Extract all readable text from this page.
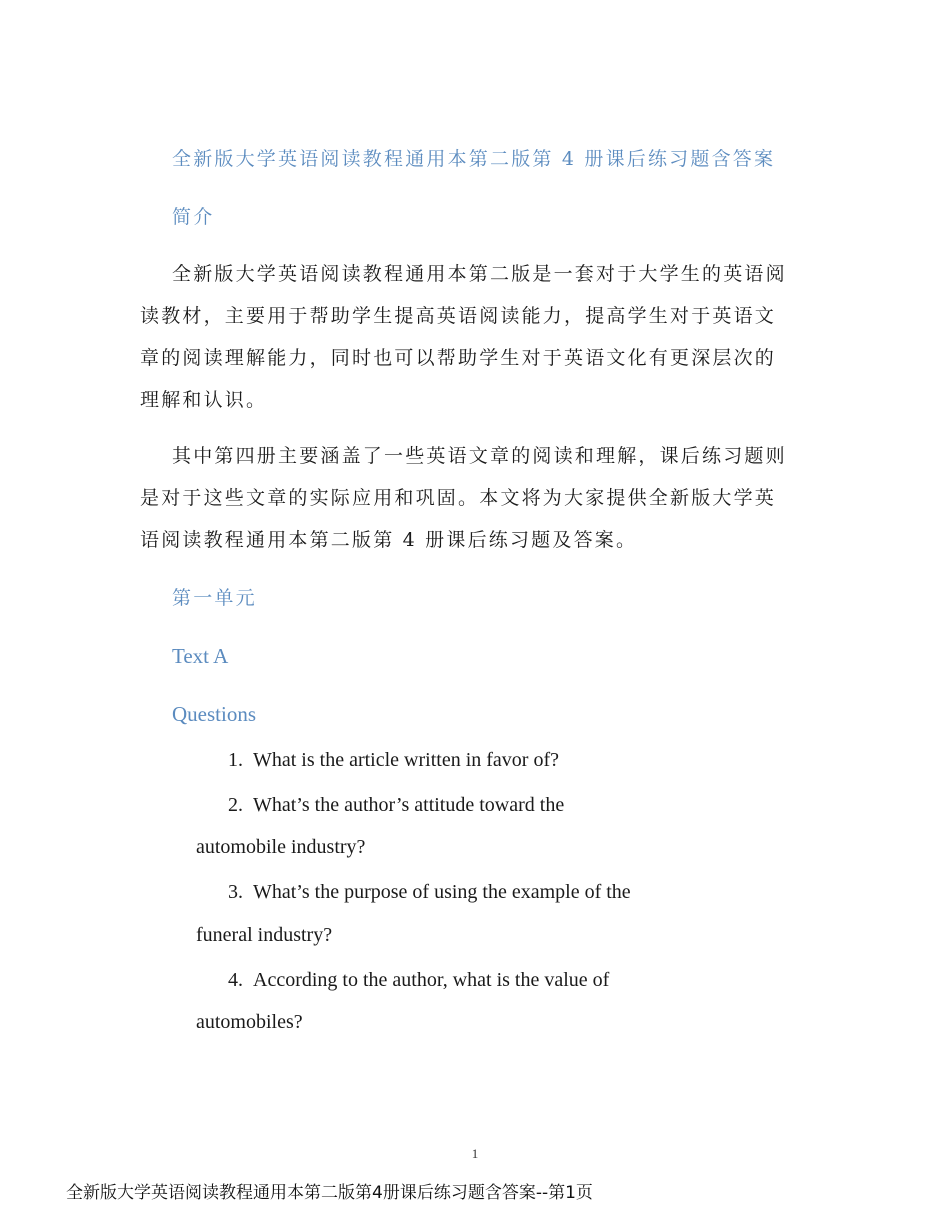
全新版大学英语阅读教程通用本第二版第 4 册课后练习题含答案
简介
全新版大学英语阅读教程通用本第二版是一套对于大学生的英语阅
读教材，主要用于帮助学生提高英语阅读能力，提高学生对于英语文
章的阅读理解能力，同时也可以帮助学生对于英语文化有更深层次的
理解和认识。
其中第四册主要涵盖了一些英语文章的阅读和理解，课后练习题则
是对于这些文章的实际应用和巩固。本文将为大家提供全新版大学英
语阅读教程通用本第二版第 4 册课后练习题及答案。
第一单元
Text A
Questions
1. What is the article written in favor of?
2. What’s the author’s attitude toward the
automobile industry?
3. What’s the purpose of using the example of the
funeral industry?
4. According to the author, what is the value of
automobiles?
1
全新版大学英语阅读教程通用本第二版第4册课后练习题含答案--第1页
